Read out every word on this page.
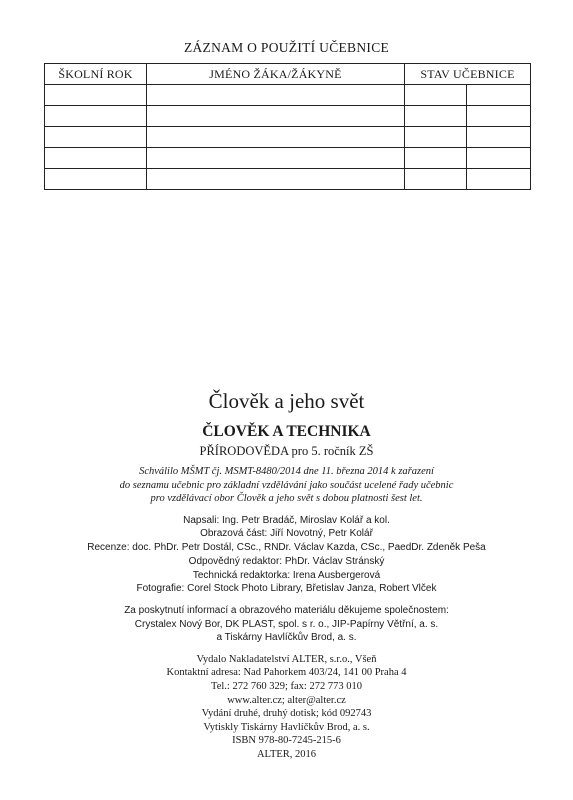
ZÁZNAM O POUŽITÍ UČEBNICE
ŠKOLNÍ ROK	JMÉNO ŽÁKA/ŽÁKYNĚ	STAV UČEBNICE	

Člověk a jeho svět
ČLOVĚK A TECHNIKA
PŘÍRODOVĚDA pro 5. ročník ZŠ
Schválilo MŠMT čj. MSMT-8480/2014 dne 11. března 2014 k zařazení
do seznamu učebnic pro základní vzdělávání jako součást ucelené řady učebnic
pro vzdělávací obor Člověk a jeho svět s dobou platnosti šest let.
Napsali: Ing. Petr Bradáč, Miroslav Kolář a kol.
Obrazová část: Jiří Novotný, Petr Kolář
Recenze: doc. PhDr. Petr Dostál, CSc., RNDr. Václav Kazda, CSc., PaedDr. Zdeněk Peša
Odpovědný redaktor: PhDr. Václav Stránský
Technická redaktorka: Irena Ausbergerová
Fotografie: Corel Stock Photo Library, Břetislav Janza, Robert Vlček
Za poskytnutí informací a obrazového materiálu děkujeme společnostem:
Crystalex Nový Bor, DK PLAST, spol. s r. o., JIP-Papírny Větřní, a. s.
a Tiskárny Havlíčkův Brod, a. s.
Vydalo Nakladatelství ALTER, s.r.o., Všeň
Kontaktní adresa: Nad Pahorkem 403/24, 141 00 Praha 4
Tel.: 272 760 329; fax: 272 773 010
www.alter.cz; alter@alter.cz
Vydání druhé, druhý dotisk; kód 092743
Vytiskly Tiskárny Havlíčkův Brod, a. s.
ISBN 978-80-7245-215-6
ALTER, 2016
